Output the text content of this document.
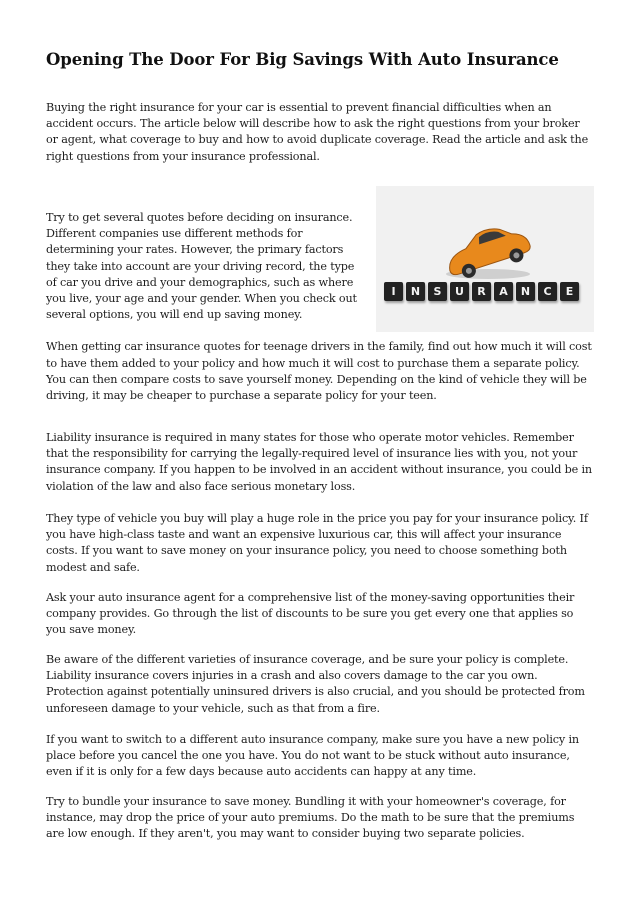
Opening The Door For Big Savings With Auto Insurance

Buying the right insurance for your car is essential to prevent financial difficulties when an accident occurs. The article below will describe how to ask the right questions from your broker or agent, what coverage to buy and how to avoid duplicate coverage. Read the article and ask the right questions from your insurance professional.

I	N	S	U	R	A	N	C	E

Try to get several quotes before deciding on insurance. Different companies use different methods for determining your rates. However, the primary factors they take into account are your driving record, the type of car you drive and your demographics, such as where you live, your age and your gender. When you check out several options, you will end up saving money.

When getting car insurance quotes for teenage drivers in the family, find out how much it will cost to have them added to your policy and how much it will cost to purchase them a separate policy. You can then compare costs to save yourself money. Depending on the kind of vehicle they will be driving, it may be cheaper to purchase a separate policy for your teen.

Liability insurance is required in many states for those who operate motor vehicles. Remember that the responsibility for carrying the legally-required level of insurance lies with you, not your insurance company. If you happen to be involved in an accident without insurance, you could be in violation of the law and also face serious monetary loss.

They type of vehicle you buy will play a huge role in the price you pay for your insurance policy. If you have high-class taste and want an expensive luxurious car, this will affect your insurance costs. If you want to save money on your insurance policy, you need to choose something both modest and safe.

Ask your auto insurance agent for a comprehensive list of the money-saving opportunities their company provides. Go through the list of discounts to be sure you get every one that applies so you save money.

Be aware of the different varieties of insurance coverage, and be sure your policy is complete. Liability insurance covers injuries in a crash and also covers damage to the car you own. Protection against potentially uninsured drivers is also crucial, and you should be protected from unforeseen damage to your vehicle, such as that from a fire.

If you want to switch to a different auto insurance company, make sure you have a new policy in place before you cancel the one you have. You do not want to be stuck without auto insurance, even if it is only for a few days because auto accidents can happy at any time.

Try to bundle your insurance to save money. Bundling it with your homeowner's coverage, for instance, may drop the price of your auto premiums. Do the math to be sure that the premiums are low enough. If they aren't, you may want to consider buying two separate policies.
